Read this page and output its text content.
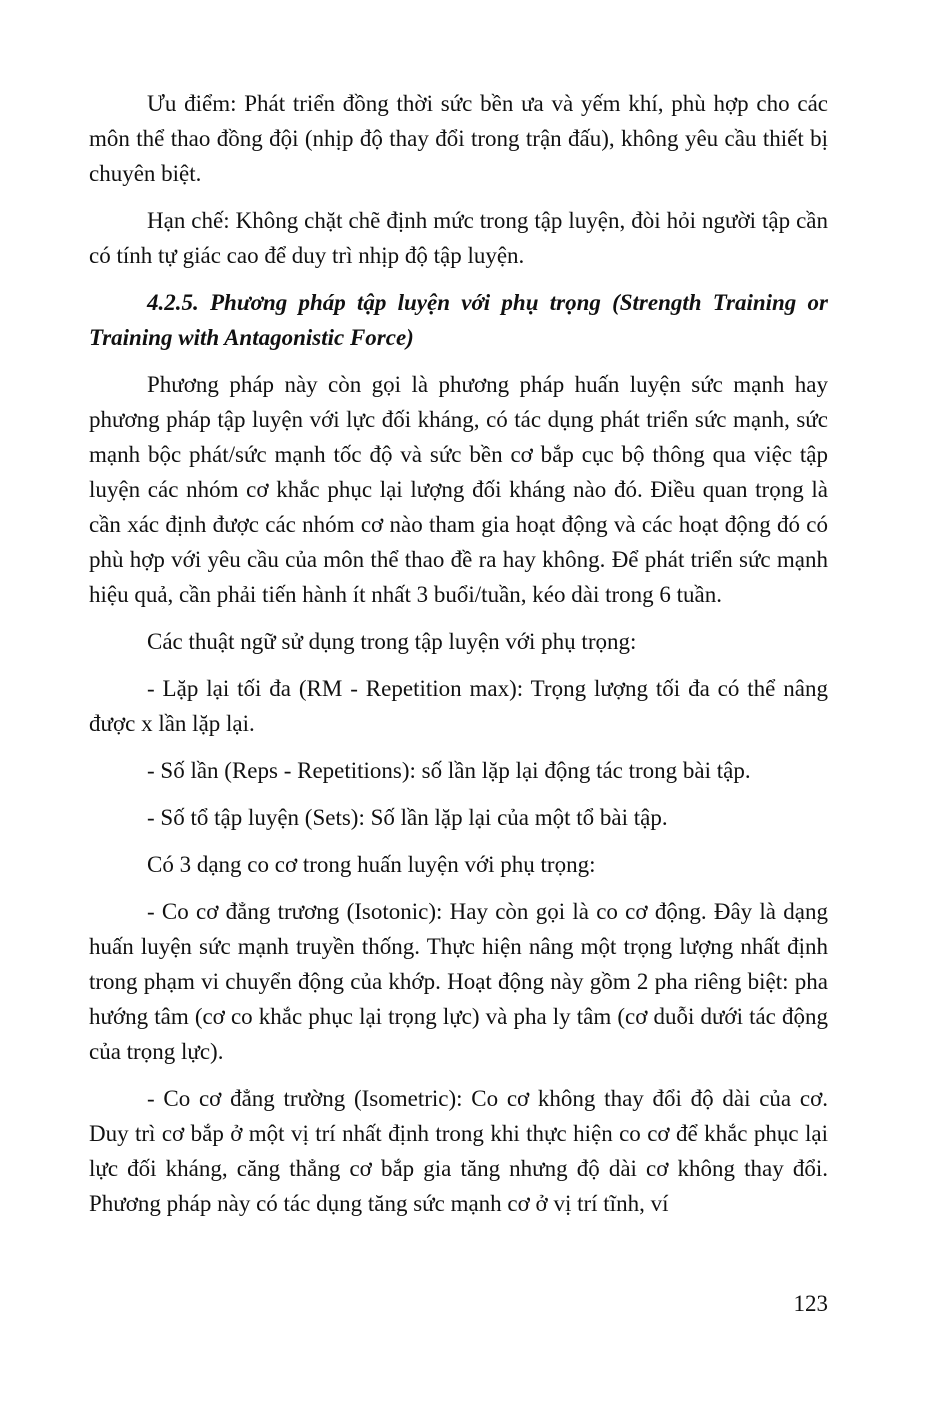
Ưu điểm: Phát triển đồng thời sức bền ưa và yếm khí, phù hợp cho các môn thể thao đồng đội (nhịp độ thay đổi trong trận đấu), không yêu cầu thiết bị chuyên biệt.

Hạn chế: Không chặt chẽ định mức trong tập luyện, đòi hỏi người tập cần có tính tự giác cao để duy trì nhịp độ tập luyện.

4.2.5. Phương pháp tập luyện với phụ trọng (Strength Training or Training with Antagonistic Force)

Phương pháp này còn gọi là phương pháp huấn luyện sức mạnh hay phương pháp tập luyện với lực đối kháng, có tác dụng phát triển sức mạnh, sức mạnh bộc phát/sức mạnh tốc độ và sức bền cơ bắp cục bộ thông qua việc tập luyện các nhóm cơ khắc phục lại lượng đối kháng nào đó. Điều quan trọng là cần xác định được các nhóm cơ nào tham gia hoạt động và các hoạt động đó có phù hợp với yêu cầu của môn thể thao đề ra hay không. Để phát triển sức mạnh hiệu quả, cần phải tiến hành ít nhất 3 buổi/tuần, kéo dài trong 6 tuần.

Các thuật ngữ sử dụng trong tập luyện với phụ trọng:

- Lặp lại tối đa (RM - Repetition max): Trọng lượng tối đa có thể nâng được x lần lặp lại.

- Số lần (Reps - Repetitions): số lần lặp lại động tác trong bài tập.

- Số tổ tập luyện (Sets): Số lần lặp lại của một tổ bài tập.

Có 3 dạng co cơ trong huấn luyện với phụ trọng:

- Co cơ đẳng trương (Isotonic): Hay còn gọi là co cơ động. Đây là dạng huấn luyện sức mạnh truyền thống. Thực hiện nâng một trọng lượng nhất định trong phạm vi chuyển động của khớp. Hoạt động này gồm 2 pha riêng biệt: pha hướng tâm (cơ co khắc phục lại trọng lực) và pha ly tâm (cơ duỗi dưới tác động của trọng lực).

- Co cơ đẳng trường (Isometric): Co cơ không thay đổi độ dài của cơ. Duy trì cơ bắp ở một vị trí nhất định trong khi thực hiện co cơ để khắc phục lại lực đối kháng, căng thẳng cơ bắp gia tăng nhưng độ dài cơ không thay đổi. Phương pháp này có tác dụng tăng sức mạnh cơ ở vị trí tĩnh, ví

123
